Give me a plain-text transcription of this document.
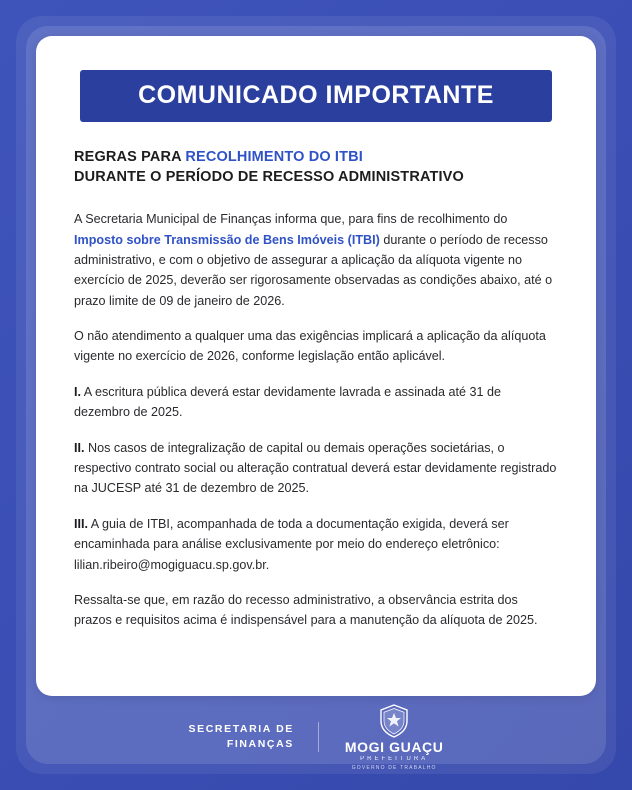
COMUNICADO IMPORTANTE
REGRAS PARA RECOLHIMENTO DO ITBI
DURANTE O PERÍODO DE RECESSO ADMINISTRATIVO

A Secretaria Municipal de Finanças informa que, para fins de recolhimento do Imposto sobre Transmissão de Bens Imóveis (ITBI) durante o período de recesso administrativo, e com o objetivo de assegurar a aplicação da alíquota vigente no exercício de 2025, deverão ser rigorosamente observadas as condições abaixo, até o prazo limite de 09 de janeiro de 2026.

O não atendimento a qualquer uma das exigências implicará a aplicação da alíquota vigente no exercício de 2026, conforme legislação então aplicável.

I. A escritura pública deverá estar devidamente lavrada e assinada até 31 de dezembro de 2025.

II. Nos casos de integralização de capital ou demais operações societárias, o respectivo contrato social ou alteração contratual deverá estar devidamente registrado na JUCESP até 31 de dezembro de 2025.

III. A guia de ITBI, acompanhada de toda a documentação exigida, deverá ser encaminhada para análise exclusivamente por meio do endereço eletrônico: lilian.ribeiro@mogiguacu.sp.gov.br.

Ressalta-se que, em razão do recesso administrativo, a observância estrita dos prazos e requisitos acima é indispensável para a manutenção da alíquota de 2025.

SECRETARIA DE
FINANÇAS	MOGI GUAÇU
PREFEITURA
GOVERNO DE TRABALHO
